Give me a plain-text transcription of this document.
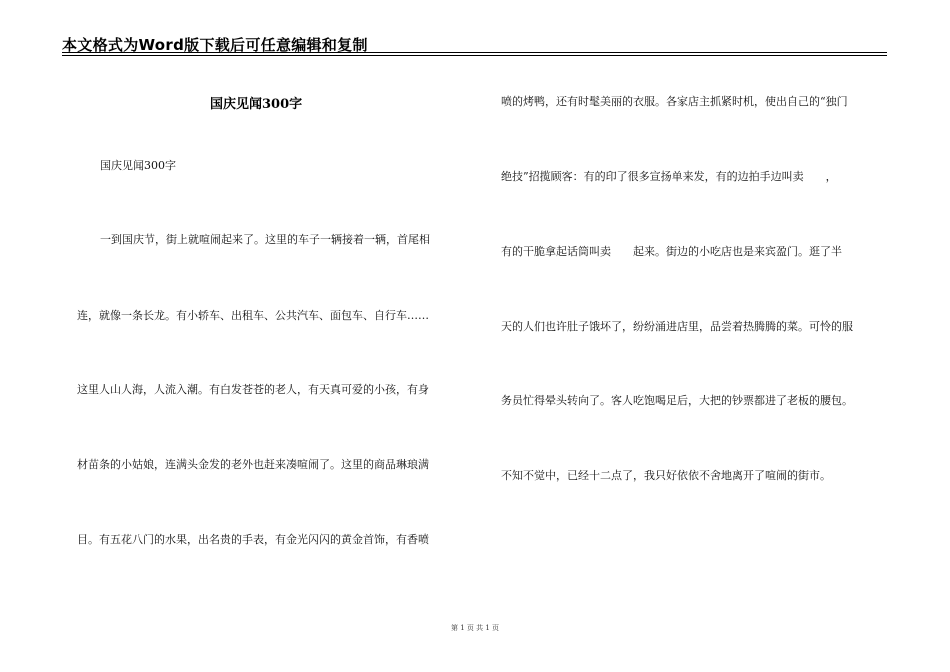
本文格式为Word版下载后可任意编辑和复制
国庆见闻300字
国庆见闻300字
一到国庆节，街上就喧闹起来了。这里的车子一辆接着一辆，首尾相
连，就像一条长龙。有小轿车、出租车、公共汽车、面包车、自行车……
这里人山人海，人流入潮。有白发苍苍的老人，有天真可爱的小孩，有身
材苗条的小姑娘，连满头金发的老外也赶来凑喧闹了。这里的商品琳琅满
目。有五花八门的水果，出名贵的手表，有金光闪闪的黄金首饰，有香喷
喷的烤鸭，还有时髦美丽的衣服。各家店主抓紧时机，使出自己的“独门
绝技”招揽顾客：有的印了很多宣扬单来发，有的边拍手边叫卖　　，
有的干脆拿起话筒叫卖　　起来。街边的小吃店也是来宾盈门。逛了半
天的人们也许肚子饿坏了，纷纷涌进店里，品尝着热腾腾的菜。可怜的服
务员忙得晕头转向了。客人吃饱喝足后，大把的钞票都进了老板的腰包。
不知不觉中，已经十二点了，我只好依依不舍地离开了喧闹的街市。
第 1 页 共 1 页
